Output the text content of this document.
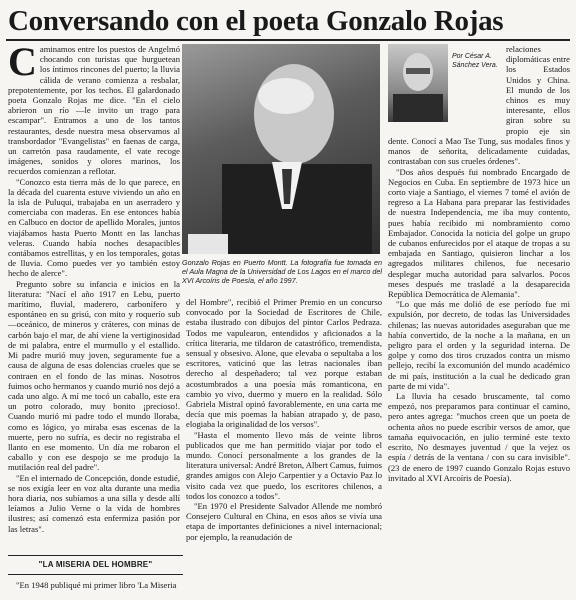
Conversando con el poeta Gonzalo Rojas

Caminamos entre los puestos de Angelmó chocando con turistas que hurguetean los íntimos rincones del puerto; la lluvia cálida de verano comienza a resbalar, prepotentemente, por los techos. El galardonado poeta Gonzalo Rojas me dice. "En el cielo abrieron un río —le invito un trago para escampar". Entramos a uno de los tantos restaurantes, desde nuestra mesa observamos al transbordador "Evangelistas" en faenas de carga, un carretón pasa raudamente, el vate recoge imágenes, sonidos y olores marinos, los recuerdos comienzan a reflotar.

"Conozco esta tierra más de lo que parece, en la década del cuarenta estuve viviendo un año en la isla de Puluqui, trabajaba en un aserradero y comerciaba con maderas. En ese entonces había en Calbuco en doctor de apellido Morales, juntos viajábamos hasta Puerto Montt en las lanchas veleras. Cuando había noches desapacibles contábamos estrellitas, y en los temporales, gotas de lluvia. Como puedes ver yo también estoy hecho de alerce".

Pregunto sobre su infancia e inicios en la literatura: "Nací el año 1917 en Lebu, puerto marítimo, fluvial, maderero, carbonífero y espontáneo en su grisú, con mito y roquerío sub—oceánico, de mineros y cráteres, con minas de carbón bajo el mar, de ahí viene la vertiginosidad de mi palabra, entre el murmullo y el estallido. Mi padre murió muy joven, seguramente fue a causa de alguna de esas dolencias crueles que se contraen en el fondo de las minas. Nosotros fuimos ocho hermanos y cuando murió nos dejó a cada uno algo. A mí me tocó un caballo, este era un potro colorado, muy bonito ¡precioso!. Cuando murió mi padre todo el mundo lloraba, como es lógico, yo miraba esas escenas de la muerte, pero no sufría, es decir no registraba el llanto en ese momento. Un día me robaron el caballo y con ese despojo se me produjo la mutilación real del padre".

"En el internado de Concepción, donde estudié, se nos exigía leer en voz alta durante una media hora diaria, nos subíamos a una silla y desde allí leíamos a Julio Verne o la vida de hombres ilustres; así comenzó esta enfermiza pasión por las letras".

"LA MISERIA DEL HOMBRE"

"En 1948 publiqué mi primer libro 'La Miseria

Gonzalo Rojas en Puerto Montt. La fotografía fue tomada en el Aula Magna de la Universidad de Los Lagos en el marco del XVI Arcoíris de Poesía, el año 1997.
Por César A. Sánchez Vera.

relaciones diplomáticas entre los Estados Unidos y China. El mundo de los chinos es muy interesante, ellos giran sobre su propio eje sin

dente. Conocí a Mao Tse Tung, sus modales finos y manos de señorita, delicadamente cuidadas, contrastaban con sus crueles órdenes".

"Dos años después fui nombrado Encargado de Negocios en Cuba. En septiembre de 1973 hice un corto viaje a Santiago, el viernes 7 tomé el avión de regreso a La Habana para preparar las festividades de nuestra Independencia, me iba muy contento, pues había recibido mi nombramiento como Embajador. Conocida la noticia del golpe un grupo de cubanos enfurecidos por el ataque de tropas a su embajada en Santiago, quisieron linchar a los agregados militares chilenos, fue necesario desplegar mucha autoridad para salvarlos. Pocos meses después me trasladé a la desaparecida República Democrática de Alemania".

"Lo que más me dolió de ese período fue mi expulsión, por decreto, de todas las Universidades chilenas; las nuevas autoridades aseguraban que me había convertido, de la noche a la mañana, en un peligro para el orden y la seguridad interna. De golpe y como dos tiros cruzados contra un mismo pellejo, recibí la excomunión del mundo académico de mi país, institución a la cual he dedicado gran parte de mi vida".

La lluvia ha cesado bruscamente, tal como empezó, nos preparamos para continuar el camino, pero antes agrega: "muchos creen que un poeta de ochenta años no puede escribir versos de amor, que tamaña equivocación, en julio terminé este texto escrito, No desmayes juventud / que la vejez os espía / detrás de la ventana / con su cara invisible". (23 de enero de 1997 cuando Gonzalo Rojas estuvo invitado al XVI Arcoíris de Poesía).

del Hombre", recibió el Primer Premio en un concurso convocado por la Sociedad de Escritores de Chile, estaba ilustrado con dibujos del pintor Carlos Pedraza. Todos me vapulearon, entendidos y aficionados a la crítica literaria, me tildaron de catastrófico, tremendista, sensual y obsesivo. Alone, que elevaba o sepultaba a los escritores, vaticinó que las letras nacionales iban derecho al despeñadero; tal vez porque estaban acostumbrados a una poesía más romanticona, en cambio yo vivo, duermo y muero en la realidad. Sólo Gabriela Mistral opinó favorablemente, en una carta me decía que mis poemas la habían atrapado y, de paso, elogiaba la originalidad de los versos".

"Hasta el momento llevo más de veinte libros publicados que me han permitido viajar por todo el mundo. Conocí personalmente a los grandes de la literatura universal: André Breton, Albert Camus, fuimos grandes amigos con Alejo Carpentier y a Octavio Paz lo visito cada vez que puedo, los escritores chilenos, a todos los conozco a todos".

"En 1970 el Presidente Salvador Allende me nombró Consejero Cultural en China, en esos años se vivía una etapa de importantes definiciones a nivel internacional; por ejemplo, la reanudación de
